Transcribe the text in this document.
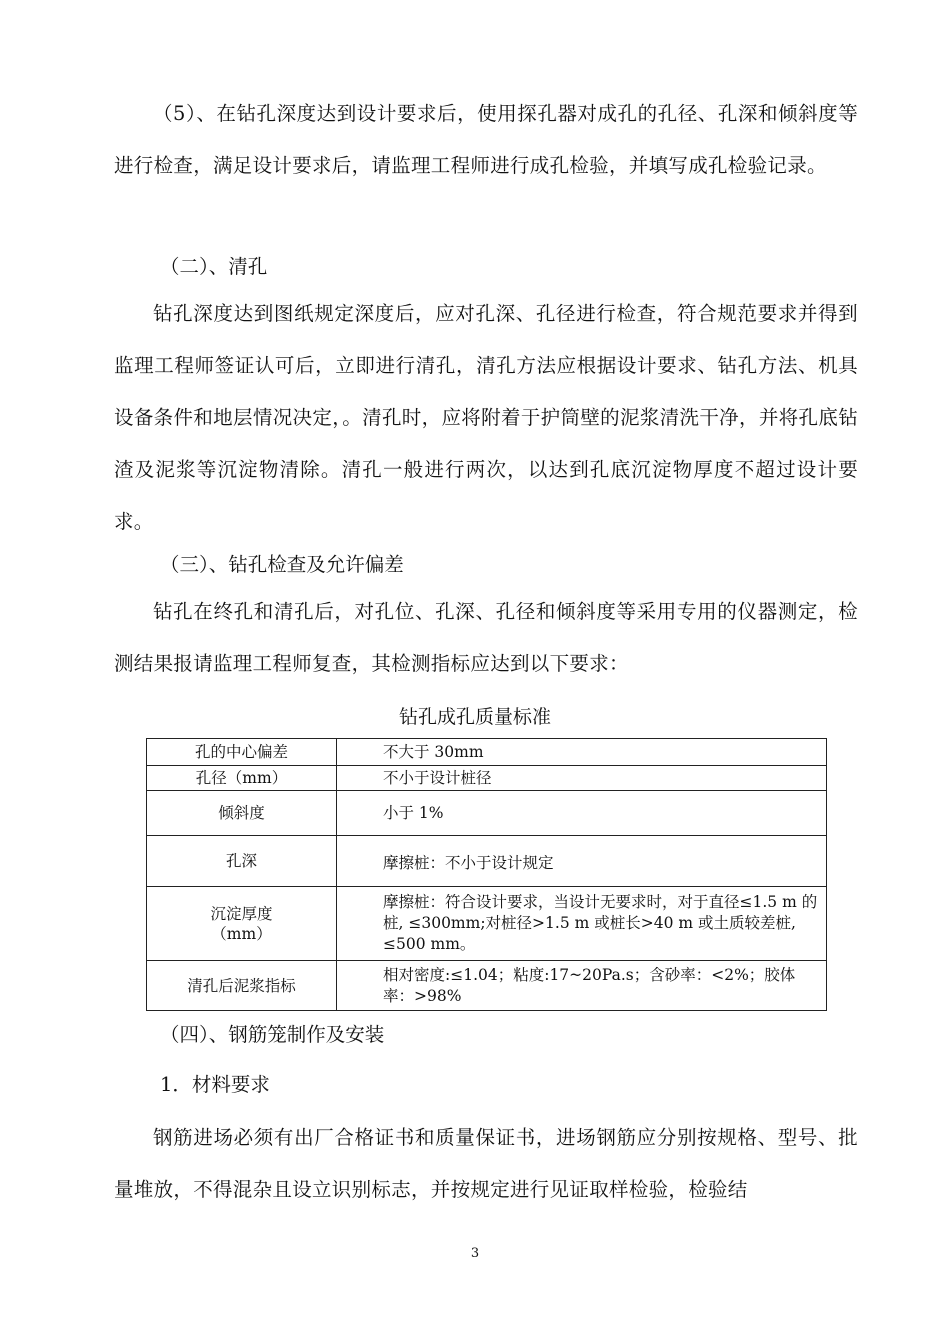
（5）、在钻孔深度达到设计要求后，使用探孔器对成孔的孔径、孔深和倾斜度等进行检查，满足设计要求后，请监理工程师进行成孔检验，并填写成孔检验记录。

（二）、清孔

钻孔深度达到图纸规定深度后，应对孔深、孔径进行检查，符合规范要求并得到监理工程师签证认可后，立即进行清孔，清孔方法应根据设计要求、钻孔方法、机具设备条件和地层情况决定，。清孔时，应将附着于护筒壁的泥浆清洗干净，并将孔底钻渣及泥浆等沉淀物清除。清孔一般进行两次，以达到孔底沉淀物厚度不超过设计要求。

（三）、钻孔检查及允许偏差

钻孔在终孔和清孔后，对孔位、孔深、孔径和倾斜度等采用专用的仪器测定，检测结果报请监理工程师复查，其检测指标应达到以下要求：

钻孔成孔质量标准
孔的中心偏差	不大于 30mm
孔径（mm）	不小于设计桩径
倾斜度	小于 1%
孔深	摩擦桩：不小于设计规定

沉淀厚度
（mm）	摩擦桩：符合设计要求，当设计无要求时，对于直径≤1.5 m 的桩, ≤300mm;对桩径>1.5 m 或桩长>40 m 或土质较差桩, ≤500 mm。
清孔后泥浆指标	相对密度:≤1.04；粘度:17~20Pa.s；含砂率：<2%；胶体率：>98%

（四）、钢筋笼制作及安装

1．材料要求

钢筋进场必须有出厂合格证书和质量保证书，进场钢筋应分别按规格、型号、批量堆放，不得混杂且设立识别标志，并按规定进行见证取样检验，检验结

3
